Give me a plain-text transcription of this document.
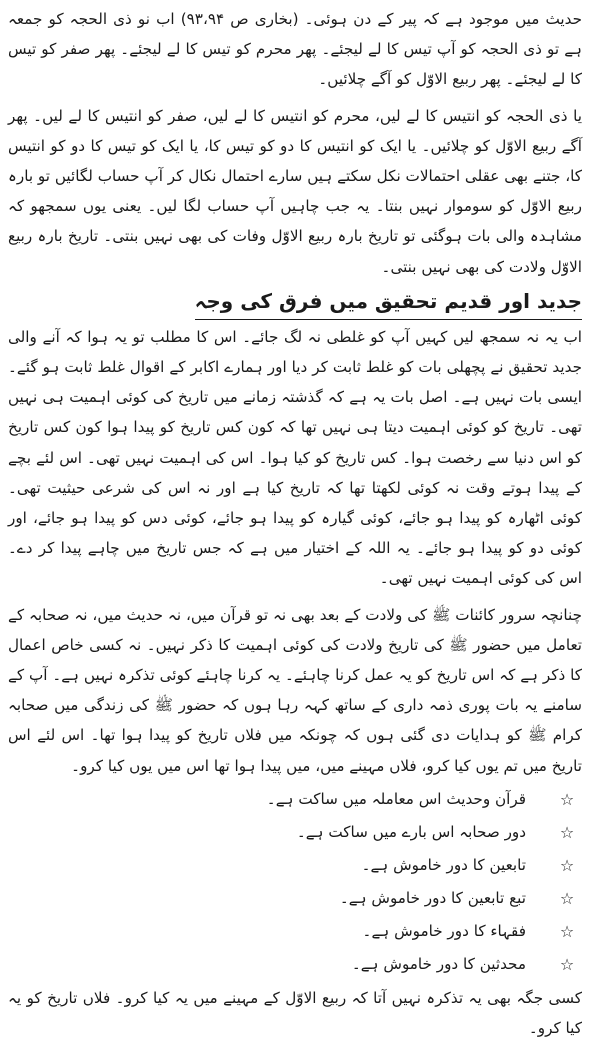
حدیث میں موجود ہے کہ پیر کے دن ہوئی۔ (بخاری ص ۹۳،۹۴) اب نو ذی الحجہ کو جمعہ ہے تو ذی الحجہ کو آپ تیس کا لے لیجئے۔ پھر محرم کو تیس کا لے لیجئے۔ پھر صفر کو تیس کا لے لیجئے۔ پھر ربیع الاوّل کو آگے چلائیں۔

یا ذی الحجہ کو انتیس کا لے لیں، محرم کو انتیس کا لے لیں، صفر کو انتیس کا لے لیں۔ پھر آگے ربیع الاوّل کو چلائیں۔ یا ایک کو انتیس کا دو کو تیس کا، یا ایک کو تیس کا دو کو انتیس کا، جتنے بھی عقلی احتمالات نکل سکتے ہیں سارے احتمال نکال کر آپ حساب لگائیں تو بارہ ربیع الاوّل کو سوموار نہیں بنتا۔ یہ جب چاہیں آپ حساب لگا لیں۔ یعنی یوں سمجھو کہ مشاہدہ والی بات ہوگئی تو تاریخ بارہ ربیع الاوّل وفات کی بھی نہیں بنتی۔ تاریخ بارہ ربیع الاوّل ولادت کی بھی نہیں بنتی۔

جدید اور قدیم تحقیق میں فرق کی وجہ

اب یہ نہ سمجھ لیں کہیں آپ کو غلطی نہ لگ جائے۔ اس کا مطلب تو یہ ہوا کہ آنے والی جدید تحقیق نے پچھلی بات کو غلط ثابت کر دیا اور ہمارے اکابر کے اقوال غلط ثابت ہو گئے۔ ایسی بات نہیں ہے۔ اصل بات یہ ہے کہ گذشتہ زمانے میں تاریخ کی کوئی اہمیت ہی نہیں تھی۔ تاریخ کو کوئی اہمیت دیتا ہی نہیں تھا کہ کون کس تاریخ کو پیدا ہوا کون کس تاریخ کو اس دنیا سے رخصت ہوا۔ کس تاریخ کو کیا ہوا۔ اس کی اہمیت نہیں تھی۔ اس لئے بچے کے پیدا ہوتے وقت نہ کوئی لکھتا تھا کہ تاریخ کیا ہے اور نہ اس کی شرعی حیثیت تھی۔ کوئی اٹھارہ کو پیدا ہو جائے، کوئی گیارہ کو پیدا ہو جائے، کوئی دس کو پیدا ہو جائے، اور کوئی دو کو پیدا ہو جائے۔ یہ اللہ کے اختیار میں ہے کہ جس تاریخ میں چاہے پیدا کر دے۔ اس کی کوئی اہمیت نہیں تھی۔

چنانچہ سرور کائنات ﷺ کی ولادت کے بعد بھی نہ تو قرآن میں، نہ حدیث میں، نہ صحابہ کے تعامل میں حضور ﷺ کی تاریخ ولادت کی کوئی اہمیت کا ذکر نہیں۔ نہ کسی خاص اعمال کا ذکر ہے کہ اس تاریخ کو یہ عمل کرنا چاہئے۔ یہ کرنا چاہئے کوئی تذکرہ نہیں ہے۔ آپ کے سامنے یہ بات پوری ذمہ داری کے ساتھ کہہ رہا ہوں کہ حضور ﷺ کی زندگی میں صحابہ کرام ﷺ کو ہدایات دی گئی ہوں کہ چونکہ میں فلاں تاریخ کو پیدا ہوا تھا۔ اس لئے اس تاریخ میں تم یوں کیا کرو، فلاں مہینے میں، میں پیدا ہوا تھا اس میں یوں کیا کرو۔

☆
قرآن وحدیث اس معاملہ میں ساکت ہے۔
☆
دور صحابہ اس بارے میں ساکت ہے۔
☆
تابعین کا دور خاموش ہے۔
☆
تبع تابعین کا دور خاموش ہے۔
☆
فقہاء کا دور خاموش ہے۔
☆
محدثین کا دور خاموش ہے۔

کسی جگہ بھی یہ تذکرہ نہیں آتا کہ ربیع الاوّل کے مہینے میں یہ کیا کرو۔ فلاں تاریخ کو یہ کیا کرو۔
